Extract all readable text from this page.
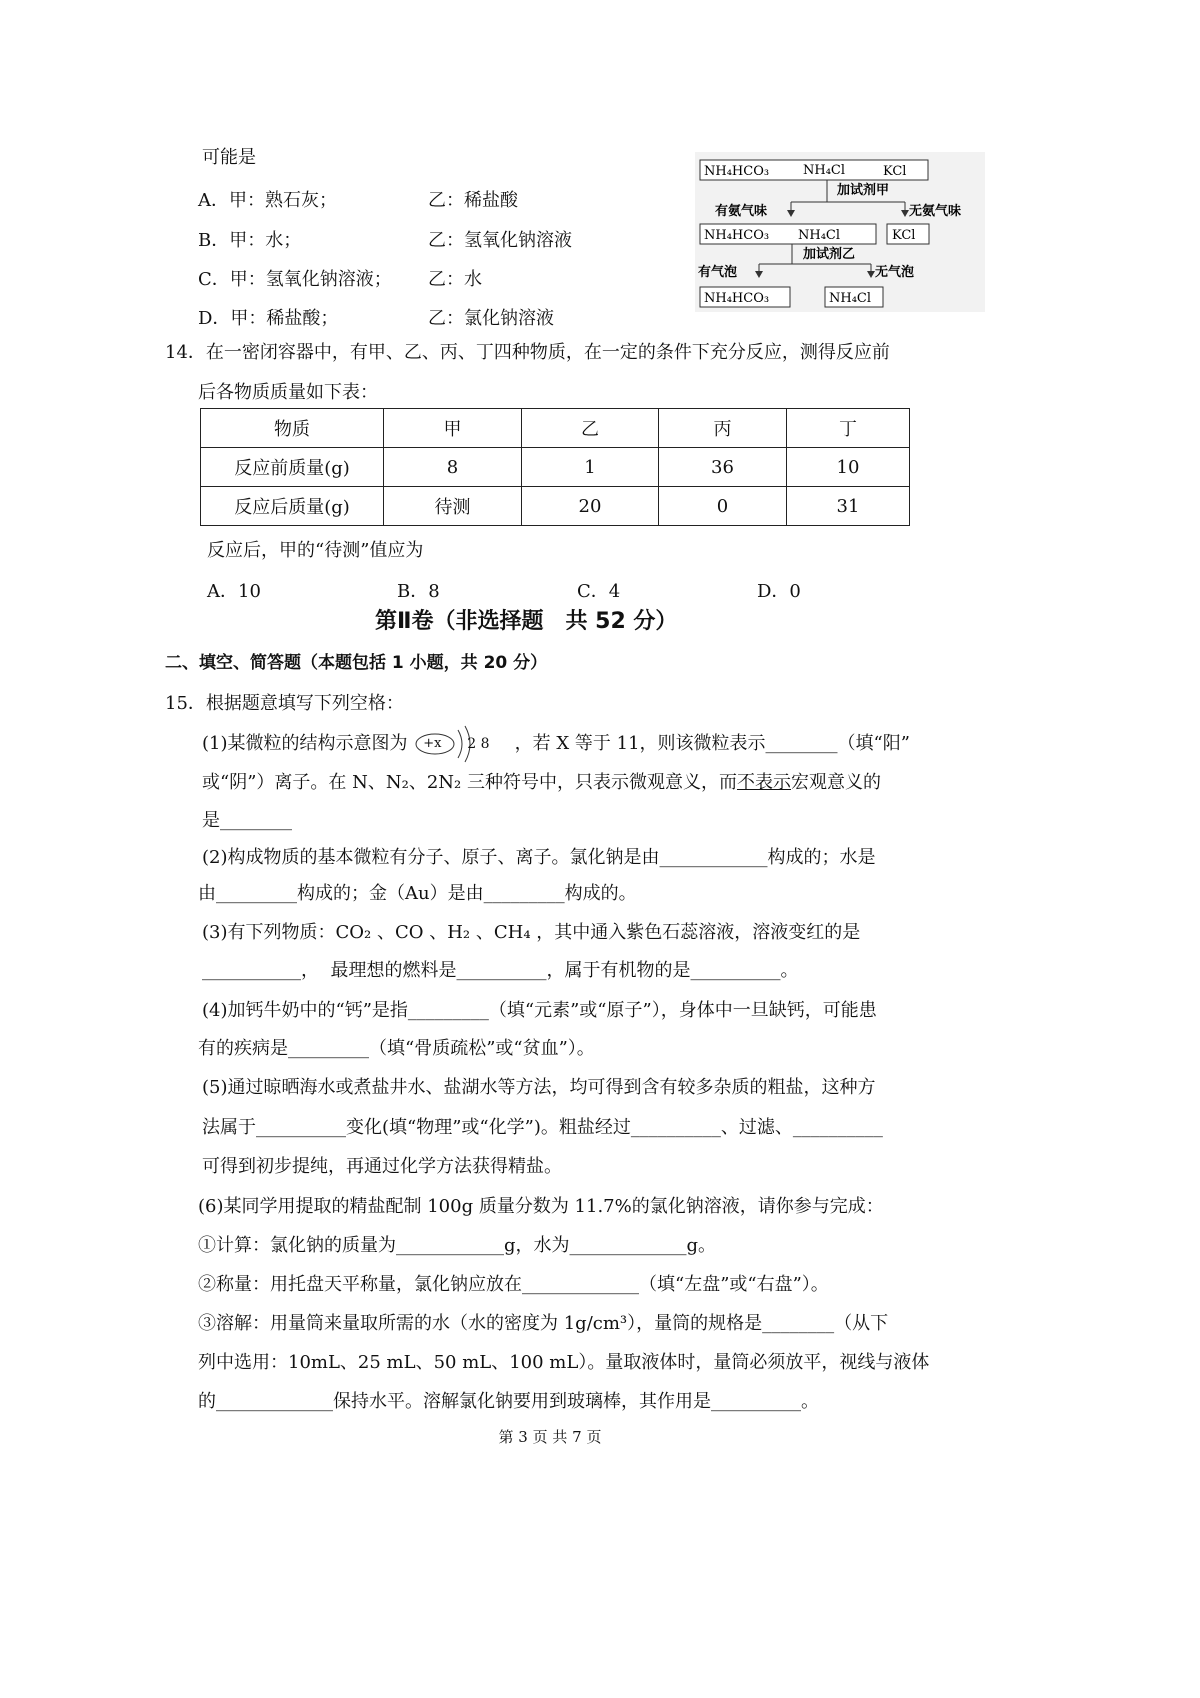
可能是
A．甲：熟石灰；	乙：稀盐酸
B．甲：水；	乙：氢氧化钠溶液
C．甲：氢氧化钠溶液； 乙：水
D．甲：稀盐酸；	乙：氯化钠溶液
NH₄HCO₃	NH₄Cl	KCl
加试剂甲
有氨气味	无氨气味
NH₄HCO₃ NH₄Cl	KCl
加试剂乙
有气泡	无气泡
NH₄HCO₃	NH₄Cl
14．在一密闭容器中，有甲、乙、丙、丁四种物质，在一定的条件下充分反应，测得反应前
后各物质质量如下表：
物质	甲	乙	丙	丁
反应前质量(g)	8	1	36	10
反应后质量(g)	待测	20	0	31
反应后，甲的“待测”值应为
A．10	B．8	C．4	D．0
第Ⅱ卷（非选择题　共 52 分）
二、填空、简答题（本题包括 1 小题，共 20 分）
15．根据题意填写下列空格：
(1)某微粒的结构示意图为 +x 2 8 ，若 X 等于 11，则该微粒表示________（填“阳”
或“阴”）离子。在 N、N₂、2N₂ 三种符号中，只表示微观意义，而不表示宏观意义的
是________
(2)构成物质的基本微粒有分子、原子、离子。氯化钠是由____________构成的；水是
由_________构成的；金（Au）是由_________构成的。
(3)有下列物质：CO₂ 、CO 、H₂ 、CH₄ ，其中通入紫色石蕊溶液，溶液变红的是
___________，  最理想的燃料是__________，属于有机物的是__________。
(4)加钙牛奶中的“钙”是指_________（填“元素”或“原子”），身体中一旦缺钙，可能患
有的疾病是_________（填“骨质疏松”或“贫血”）。
(5)通过晾晒海水或煮盐井水、盐湖水等方法，均可得到含有较多杂质的粗盐，这种方
法属于__________变化(填“物理”或“化学”)。粗盐经过__________、过滤、__________
可得到初步提纯，再通过化学方法获得精盐。
(6)某同学用提取的精盐配制 100g 质量分数为 11.7%的氯化钠溶液，请你参与完成：
①计算：氯化钠的质量为____________g，水为_____________g。
②称量：用托盘天平称量，氯化钠应放在_____________（填“左盘”或“右盘”）。
③溶解：用量筒来量取所需的水（水的密度为 1g/cm³），量筒的规格是________（从下
列中选用：10mL、25 mL、50 mL、100 mL）。量取液体时，量筒必须放平，视线与液体
的_____________保持水平。溶解氯化钠要用到玻璃棒，其作用是__________。
第 3 页 共 7 页
